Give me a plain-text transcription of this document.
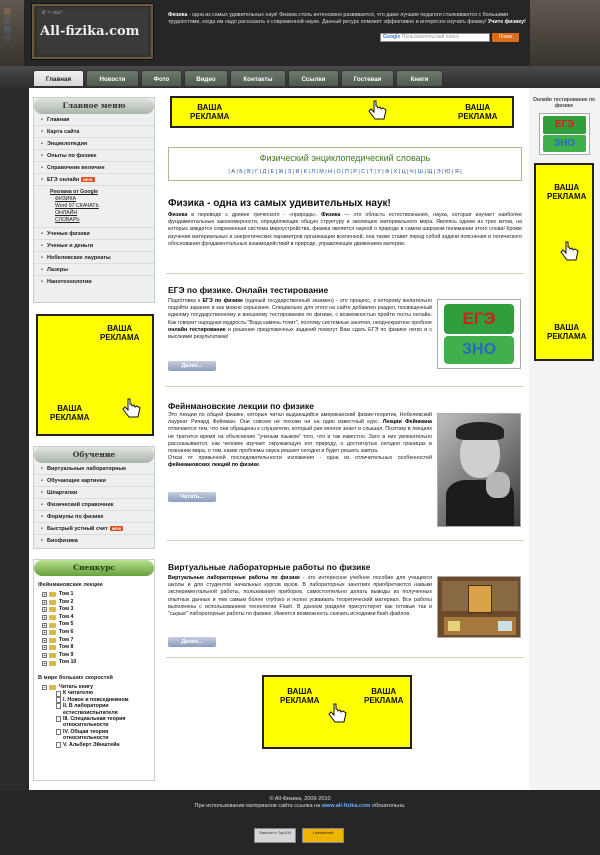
E = mc²
All-fizika.com
Физика - одна из самых удивительных наук! Физика столь интенсивно развивается, что даже лучшие педагоги сталкиваются с большими трудностями, когда им надо рассказать о современной науке. Данный ресурс поможет эффективно и интересно изучать физику! Учите физику!
Google Пользовательский поиск	Поиск
Главная	Новости	Фото	Видео	Контакты	Ссылки	Гостевая	Книги
Главное меню
• Главная
• Карта сайта
• Энциклопедия
• Опыты по физике
• Справочник величин
• ЕГЭ онлайн NEW
Реклама от Google
ФИЗИКА
Word 97 СКАЧАТЬ
ОНЛАЙН
СЛОВАРЬ
• Ученые физики
• Ученые и деньги
• Нобелевские лауреаты
• Лазеры
• Нанотехнологии
ВАША
РЕКЛАМА
ВАША
РЕКЛАМА
Обучение
• Виртуальные лабораторные
• Обучающие картинки
• Шпаргалки
• Физический справочник
• Формулы по физике
• Быстрый устный счет NEW
• Биофизика
Спецкурс
Фейнмановские лекции
+	Том 1
+	Том 2
+	Том 3
+	Том 4
+	Том 5
+	Том 6
+	Том 7
+	Том 8
+	Том 9
+	Том 10
В мире больших скоростей
−	Читать книгу
К читателю
I. Новое в повседневном
II. В лаборатории естествоиспытателя
III. Специальная теория относительности
IV. Общая теория относительности
V. Альберт Эйнштейн
ВАША
РЕКЛАМА
ВАША
РЕКЛАМА
Физический энциклопедический словарь
| А | Б | В | Г | Д | Е | Ж | З | И | К | Л | М | Н | О | П | Р | С | Т | У | Ф | Х | Ц | Ч | Ш | Щ | Э | Ю | Я |
Физика - одна из самых удивительных наук!
Физика в переводе с древне греческого - «природа». Физика — это область естествознания, наука, которая изучает наиболее фундаментальные закономерности, определяющие общую структуру и эволюцию материального мира. Являясь одним из трех китов, на которых зиждется современная система мироустройства, физика является наукой о природе в самом широком понимании этого слова! Кроме изучения материальных и энергетических параметров организации вселенной, она также ставит перед собой задачи пояснения и логического обоснования фундаментальных взаимодействий в природе, управляющих движением материи.
ЕГЭ по физике. Онлайн тестирование
Подготовка к ЕГЭ по физике (единый государственный экзамен) - это процесс, к которому желательно подойти заранее и как можно серьезнее. Специально для этого на сайте добавлен раздел, посвященный единому государственному и внешнему тестированию по физике, с возможностью пройти тесты онлайн. Как говорит народная мудрость:"Вода камень точит", поэтому системные занятия, неоднократное пробное онлайн тестирование и решение предложенных заданий помогут Вам сдать ЕГЭ по физике легко и с высокими результатами!
ЕГЭ
ЗНО
Далее...
Фейнмановские лекции по физике
Это лекции по общей физике, которые читал выдающийся американский физик-теоретик, Нобелевский лауреат Ричард Фейнман. Они совсем не похожи ни на один известный курс. Лекции Фейнмана отличаются тем, что они обращены к слушателю, который уже многое знает и слышал. Поэтому в лекциях не тратится время на объяснение "ученым языком" того, что и так известно. Зато в них увлекательно рассказывается, как человек изучает окружающую его природу, о достигнутых сегодня границах в познании мира, о том, какие проблемы наука решает сегодня и будет решать завтра.
Отказ от привычной последовательности изложения - одна из отличительных особенностей фейнмановских лекций по физике.
Читать...
Виртуальные лабораторные работы по физике
Виртуальные лабораторные работы по физике - это интересное учебное пособие для учащихся школы и для студентов начальных курсов вузов. В лабораторных занятиях приобретаются навыки экспериментальной работы, пользования приборов, самостоятельно делать выводы из полученных опытных данных и тем самым более глубоко и полно усваивать теоретический материал. Все работы выполнены с использованием технологии Flash. В данном разделе присутствуют как готовые так и "сырые" лабораторные работы по физике. Имеется возможность скачать исходники flash-файлов.
Далее...
ВАША
РЕКЛАМА
ВАША
РЕКЛАМА
Онлайн тестирование по физике
ЕГЭ
ЗНО
ВАША
РЕКЛАМА
ВАША
РЕКЛАМА
© All-Физика, 2009-2010
При использовании материалов сайта ссылка на www.all-fizika.com обязательна.
Rambler's Top100	LiveInternet
